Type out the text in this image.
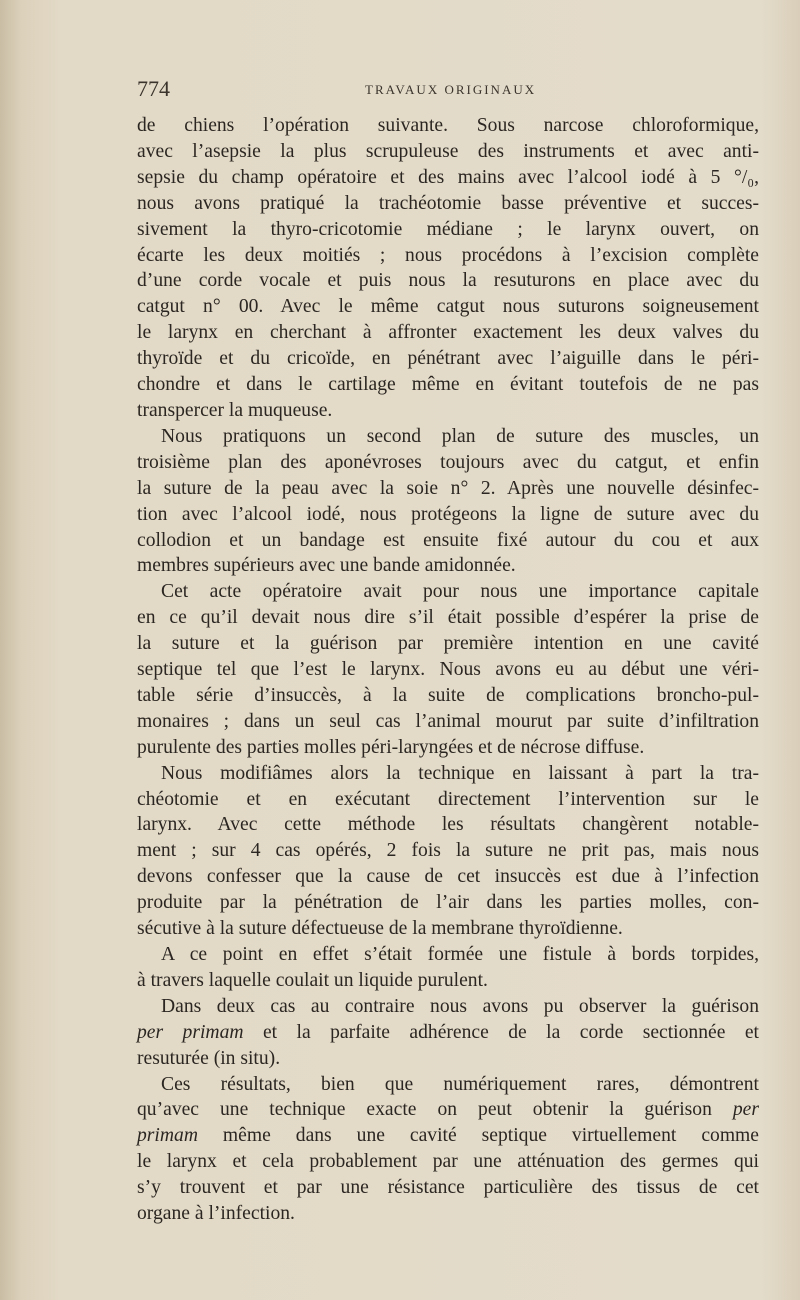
774	TRAVAUX ORIGINAUX
de chiens l’opération suivante. Sous narcose chloroformique,
avec l’asepsie la plus scrupuleuse des instruments et avec anti-
sepsie du champ opératoire et des mains avec l’alcool iodé à 5 °/₀,
nous avons pratiqué la trachéotomie basse préventive et succes-
sivement la thyro-cricotomie médiane ; le larynx ouvert, on
écarte les deux moitiés ; nous procédons à l’excision complète
d’une corde vocale et puis nous la resuturons en place avec du
catgut n° 00. Avec le même catgut nous suturons soigneusement
le larynx en cherchant à affronter exactement les deux valves du
thyroïde et du cricoïde, en pénétrant avec l’aiguille dans le péri-
chondre et dans le cartilage même en évitant toutefois de ne pas
transpercer la muqueuse.
Nous pratiquons un second plan de suture des muscles, un
troisième plan des aponévroses toujours avec du catgut, et enfin
la suture de la peau avec la soie n° 2. Après une nouvelle désinfec-
tion avec l’alcool iodé, nous protégeons la ligne de suture avec du
collodion et un bandage est ensuite fixé autour du cou et aux
membres supérieurs avec une bande amidonnée.
Cet acte opératoire avait pour nous une importance capitale
en ce qu’il devait nous dire s’il était possible d’espérer la prise de
la suture et la guérison par première intention en une cavité
septique tel que l’est le larynx. Nous avons eu au début une véri-
table série d’insuccès, à la suite de complications broncho-pul-
monaires ; dans un seul cas l’animal mourut par suite d’infiltration
purulente des parties molles péri-laryngées et de nécrose diffuse.
Nous modifiâmes alors la technique en laissant à part la tra-
chéotomie et en exécutant directement l’intervention sur le
larynx. Avec cette méthode les résultats changèrent notable-
ment ; sur 4 cas opérés, 2 fois la suture ne prit pas, mais nous
devons confesser que la cause de cet insuccès est due à l’infection
produite par la pénétration de l’air dans les parties molles, con-
sécutive à la suture défectueuse de la membrane thyroïdienne.
A ce point en effet s’était formée une fistule à bords torpides,
à travers laquelle coulait un liquide purulent.
Dans deux cas au contraire nous avons pu observer la guérison
per primam et la parfaite adhérence de la corde sectionnée et
resuturée (in situ).
Ces résultats, bien que numériquement rares, démontrent
qu’avec une technique exacte on peut obtenir la guérison per
primam même dans une cavité septique virtuellement comme
le larynx et cela probablement par une atténuation des germes qui
s’y trouvent et par une résistance particulière des tissus de cet
organe à l’infection.
